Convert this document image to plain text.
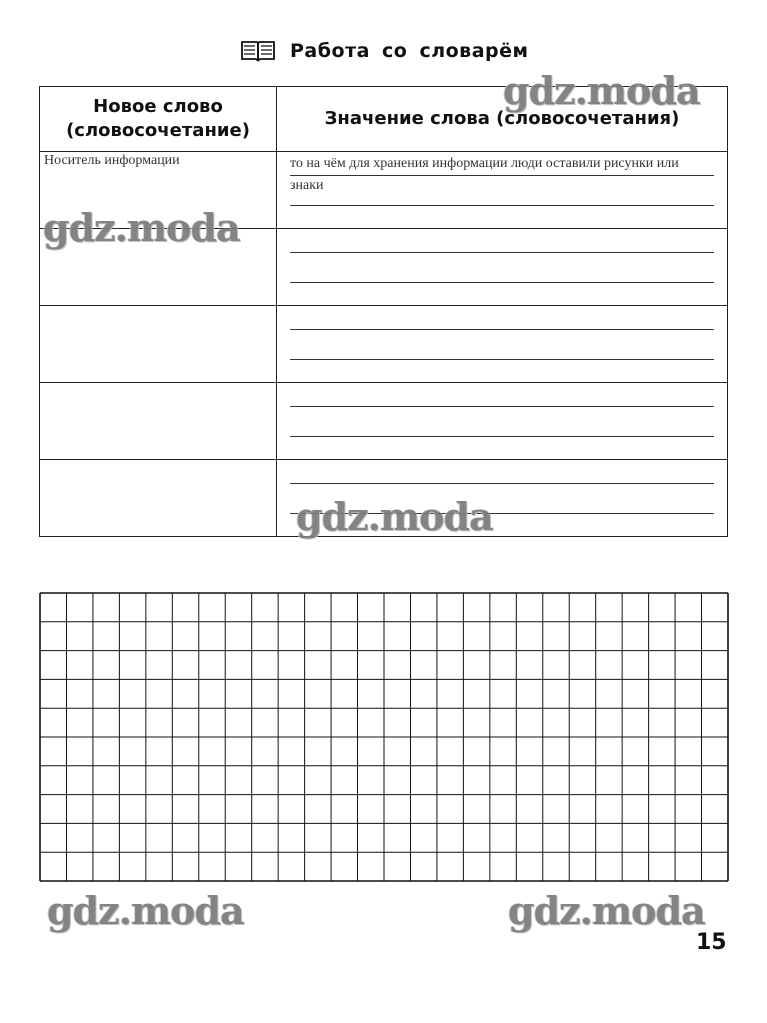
Работа со словарём
Новое слово
(словосочетание)
Значение слова (словосочетания)
Носитель информации	то на чём для хранения информации люди оставили рисунки или знаки
gdz.moda
gdz.moda
gdz.moda
gdz.moda	gdz.moda
15
